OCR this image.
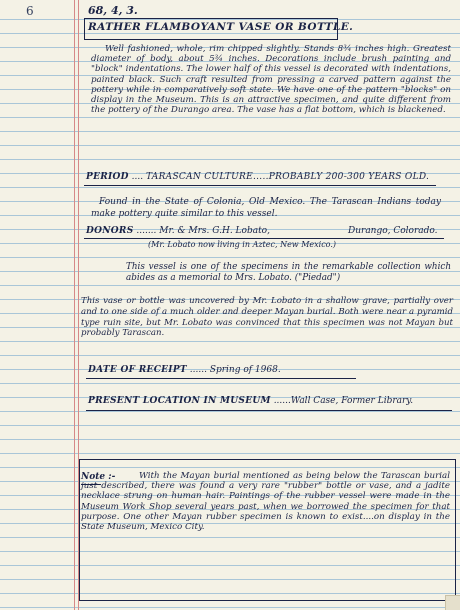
6	68, 4, 3.
RATHER FLAMBOYANT VASE OR BOTTLE.

Well fashioned, whole, rim chipped slightly. Stands 8¾ inches high. Greatest diameter of body, about 5¾ inches. Decorations include brush painting and "block" indentations. The lower half of this vessel is decorated with indentations, painted black. Such craft resulted from pressing a carved pattern against the pottery while in comparatively soft state. We have one of the pattern "blocks" on display in the Museum. This is an attractive specimen, and quite different from the pottery of the Durango area. The vase has a flat bottom, which is blackened.

PERIOD .... TARASCAN CULTURE.....PROBABLY 200-300 YEARS OLD.

Found in the State of Colonia, Old Mexico. The Tarascan Indians today make pottery quite similar to this vessel.

DONORS ....... Mr. & Mrs. G.H. Lobato,	Durango, Colorado.
(Mr. Lobato now living in Aztec, New Mexico.)

This vessel is one of the specimens in the remarkable collection which abides as a memorial to Mrs. Lobato. ("Piedad")

This vase or bottle was uncovered by Mr. Lobato in a shallow grave, partially over and to one side of a much older and deeper Mayan burial. Both were near a pyramid type ruin site, but Mr. Lobato was convinced that this specimen was not Mayan but probably Tarascan.

DATE OF RECEIPT ...... Spring of 1968.
PRESENT LOCATION IN MUSEUM ......Wall Case, Former Library.
Note :-	With the Mayan burial mentioned as being below the Tarascan burial just described, there was found a very rare "rubber" bottle or vase, and a jadite necklace strung on human hair. Paintings of the rubber vessel were made in the Museum Work Shop several years past, when we borrowed the specimen for that purpose. One other Mayan rubber specimen is known to exist....on display in the State Museum, Mexico City.
